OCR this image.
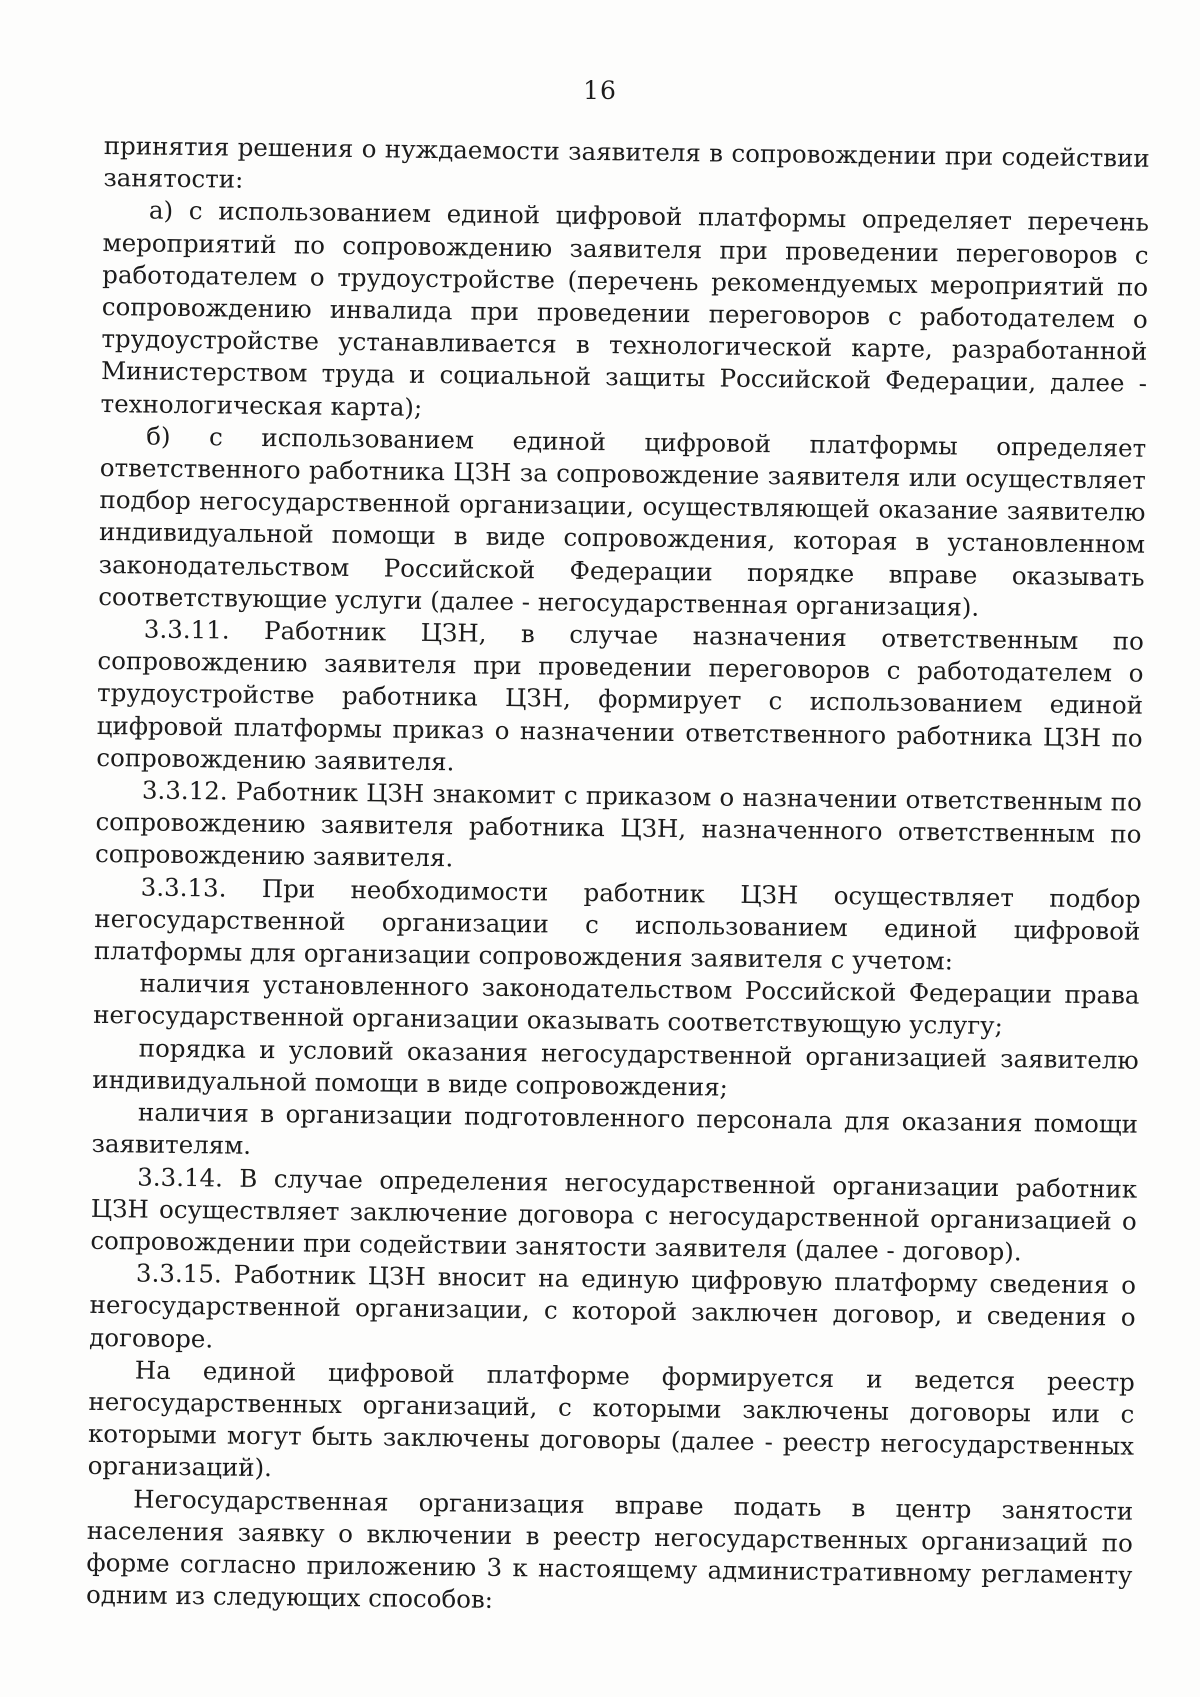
16

принятия решения о нуждаемости заявителя в сопровождении при содействии занятости:

а) с использованием единой цифровой платформы определяет перечень мероприятий по сопровождению заявителя при проведении переговоров с работодателем о трудоустройстве (перечень рекомендуемых мероприятий по сопровождению инвалида при проведении переговоров с работодателем о трудоустройстве устанавливается в технологической карте, разработанной Министерством труда и социальной защиты Российской Федерации, далее - технологическая карта);

б) с использованием единой цифровой платформы определяет ответственного работника ЦЗН за сопровождение заявителя или осуществляет подбор негосударственной организации, осуществляющей оказание заявителю индивидуальной помощи в виде сопровождения, которая в установленном законодательством Российской Федерации порядке вправе оказывать соответствующие услуги (далее - негосударственная организация).

3.3.11. Работник ЦЗН, в случае назначения ответственным по сопровождению заявителя при проведении переговоров с работодателем о трудоустройстве работника ЦЗН, формирует с использованием единой цифровой платформы приказ о назначении ответственного работника ЦЗН по сопровождению заявителя.

3.3.12. Работник ЦЗН знакомит с приказом о назначении ответственным по сопровождению заявителя работника ЦЗН, назначенного ответственным по сопровождению заявителя.

3.3.13. При необходимости работник ЦЗН осуществляет подбор негосударственной организации с использованием единой цифровой платформы для организации сопровождения заявителя с учетом:

наличия установленного законодательством Российской Федерации права негосударственной организации оказывать соответствующую услугу;

порядка и условий оказания негосударственной организацией заявителю индивидуальной помощи в виде сопровождения;

наличия в организации подготовленного персонала для оказания помощи заявителям.

3.3.14. В случае определения негосударственной организации работник ЦЗН осуществляет заключение договора с негосударственной организацией о сопровождении при содействии занятости заявителя (далее - договор).

3.3.15. Работник ЦЗН вносит на единую цифровую платформу сведения о негосударственной организации, с которой заключен договор, и сведения о договоре.

На единой цифровой платформе формируется и ведется реестр негосударственных организаций, с которыми заключены договоры или с которыми могут быть заключены договоры (далее - реестр негосударственных организаций).

Негосударственная организация вправе подать в центр занятости населения заявку о включении в реестр негосударственных организаций по форме согласно приложению 3 к настоящему административному регламенту одним из следующих способов:
